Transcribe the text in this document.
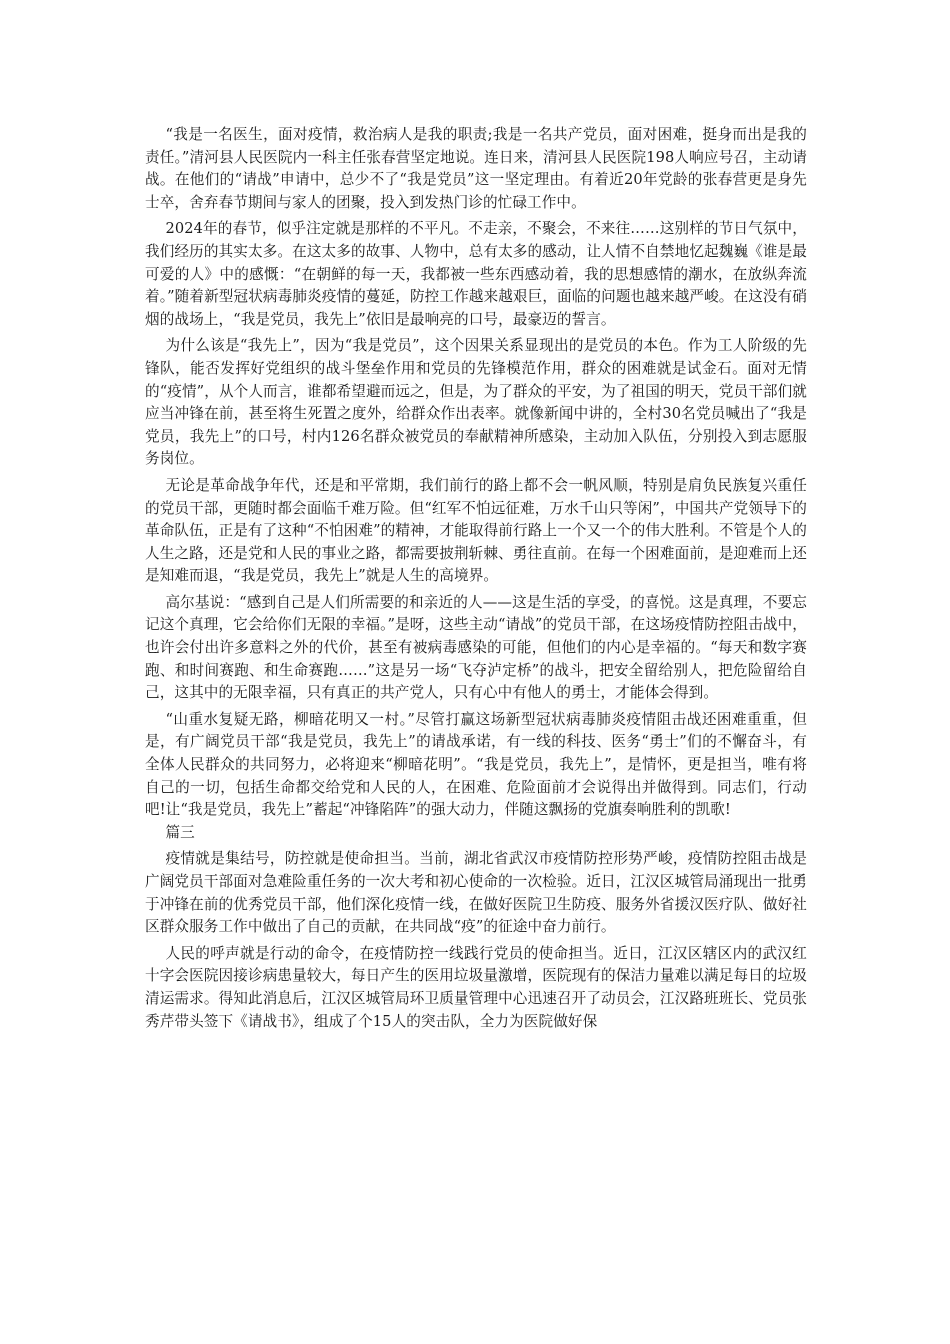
“我是一名医生，面对疫情，救治病人是我的职责;我是一名共产党员，面对困难，挺身而出是我的责任。”清河县人民医院内一科主任张春营坚定地说。连日来，清河县人民医院198人响应号召，主动请战。在他们的“请战”申请中，总少不了“我是党员”这一坚定理由。有着近20年党龄的张春营更是身先士卒，舍弃春节期间与家人的团聚，投入到发热门诊的忙碌工作中。

2024年的春节，似乎注定就是那样的不平凡。不走亲，不聚会，不来往……这别样的节日气氛中，我们经历的其实太多。在这太多的故事、人物中，总有太多的感动，让人情不自禁地忆起魏巍《谁是最可爱的人》中的感慨：“在朝鲜的每一天，我都被一些东西感动着，我的思想感情的潮水，在放纵奔流着。”随着新型冠状病毒肺炎疫情的蔓延，防控工作越来越艰巨，面临的问题也越来越严峻。在这没有硝烟的战场上，“我是党员，我先上”依旧是最响亮的口号，最豪迈的誓言。

为什么该是“我先上”，因为“我是党员”，这个因果关系显现出的是党员的本色。作为工人阶级的先锋队，能否发挥好党组织的战斗堡垒作用和党员的先锋模范作用，群众的困难就是试金石。面对无情的“疫情”，从个人而言，谁都希望避而远之，但是，为了群众的平安，为了祖国的明天，党员干部们就应当冲锋在前，甚至将生死置之度外，给群众作出表率。就像新闻中讲的，全村30名党员喊出了“我是党员，我先上”的口号，村内126名群众被党员的奉献精神所感染，主动加入队伍，分别投入到志愿服务岗位。

无论是革命战争年代，还是和平常期，我们前行的路上都不会一帆风顺，特别是肩负民族复兴重任的党员干部，更随时都会面临千难万险。但“红军不怕远征难，万水千山只等闲”，中国共产党领导下的革命队伍，正是有了这种“不怕困难”的精神，才能取得前行路上一个又一个的伟大胜利。不管是个人的人生之路，还是党和人民的事业之路，都需要披荆斩棘、勇往直前。在每一个困难面前，是迎难而上还是知难而退，“我是党员，我先上”就是人生的高境界。

高尔基说：“感到自己是人们所需要的和亲近的人——这是生活的享受，的喜悦。这是真理，不要忘记这个真理，它会给你们无限的幸福。”是呀，这些主动“请战”的党员干部，在这场疫情防控阻击战中，也许会付出许多意料之外的代价，甚至有被病毒感染的可能，但他们的内心是幸福的。“每天和数字赛跑、和时间赛跑、和生命赛跑……”这是另一场“飞夺泸定桥”的战斗，把安全留给别人，把危险留给自己，这其中的无限幸福，只有真正的共产党人，只有心中有他人的勇士，才能体会得到。

“山重水复疑无路，柳暗花明又一村。”尽管打赢这场新型冠状病毒肺炎疫情阻击战还困难重重，但是，有广阔党员干部“我是党员，我先上”的请战承诺，有一线的科技、医务“勇士”们的不懈奋斗，有全体人民群众的共同努力，必将迎来“柳暗花明”。“我是党员，我先上”，是情怀，更是担当，唯有将自己的一切，包括生命都交给党和人民的人，在困难、危险面前才会说得出并做得到。同志们，行动吧!让“我是党员，我先上”蓄起“冲锋陷阵”的强大动力，伴随这飘扬的党旗奏响胜利的凯歌!

篇三

疫情就是集结号，防控就是使命担当。当前，湖北省武汉市疫情防控形势严峻，疫情防控阻击战是广阔党员干部面对急难险重任务的一次大考和初心使命的一次检验。近日，江汉区城管局涌现出一批勇于冲锋在前的优秀党员干部，他们深化疫情一线，在做好医院卫生防疫、服务外省援汉医疗队、做好社区群众服务工作中做出了自己的贡献，在共同战“疫”的征途中奋力前行。

人民的呼声就是行动的命令，在疫情防控一线践行党员的使命担当。近日，江汉区辖区内的武汉红十字会医院因接诊病患量较大，每日产生的医用垃圾量激增，医院现有的保洁力量难以满足每日的垃圾清运需求。得知此消息后，江汉区城管局环卫质量管理中心迅速召开了动员会，江汉路班班长、党员张秀芹带头签下《请战书》，组成了个15人的突击队，全力为医院做好保
